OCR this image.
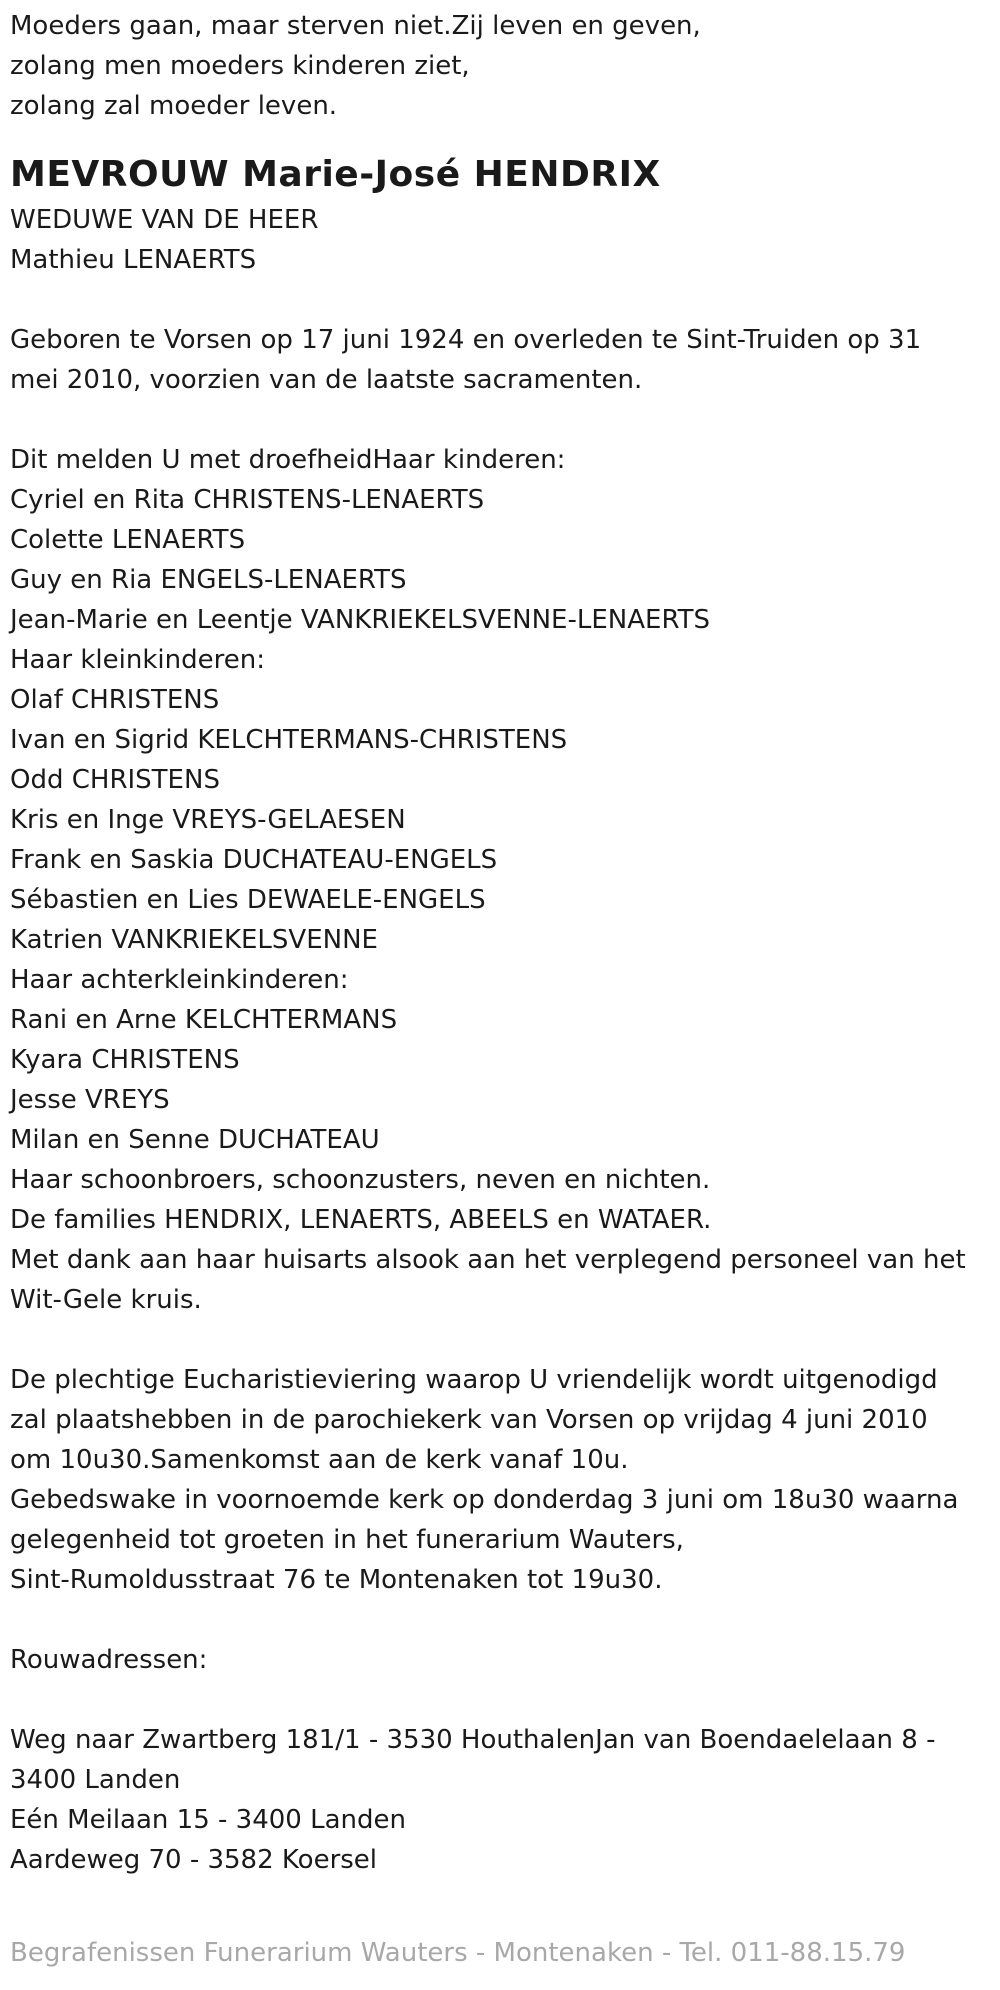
Moeders gaan, maar sterven niet.Zij leven en geven,
zolang men moeders kinderen ziet,
zolang zal moeder leven.
MEVROUW Marie-José HENDRIX
WEDUWE VAN DE HEER
Mathieu LENAERTS
Geboren te Vorsen op 17 juni 1924 en overleden te Sint-Truiden op 31
mei 2010, voorzien van de laatste sacramenten.
Dit melden U met droefheidHaar kinderen:
Cyriel en Rita CHRISTENS-LENAERTS
Colette LENAERTS
Guy en Ria ENGELS-LENAERTS
Jean-Marie en Leentje VANKRIEKELSVENNE-LENAERTS
Haar kleinkinderen:
Olaf CHRISTENS
Ivan en Sigrid KELCHTERMANS-CHRISTENS
Odd CHRISTENS
Kris en Inge VREYS-GELAESEN
Frank en Saskia DUCHATEAU-ENGELS
Sébastien en Lies DEWAELE-ENGELS
Katrien VANKRIEKELSVENNE
Haar achterkleinkinderen:
Rani en Arne KELCHTERMANS
Kyara CHRISTENS
Jesse VREYS
Milan en Senne DUCHATEAU
Haar schoonbroers, schoonzusters, neven en nichten.
De families HENDRIX, LENAERTS, ABEELS en WATAER.
Met dank aan haar huisarts alsook aan het verplegend personeel van het
Wit-Gele kruis.
De plechtige Eucharistieviering waarop U vriendelijk wordt uitgenodigd
zal plaatshebben in de parochiekerk van Vorsen op vrijdag 4 juni 2010
om 10u30.Samenkomst aan de kerk vanaf 10u.
Gebedswake in voornoemde kerk op donderdag 3 juni om 18u30 waarna
gelegenheid tot groeten in het funerarium Wauters,
Sint-Rumoldusstraat 76 te Montenaken tot 19u30.
Rouwadressen:
Weg naar Zwartberg 181/1 - 3530 HouthalenJan van Boendaelelaan 8 -
3400 Landen
Eén Meilaan 15 - 3400 Landen
Aardeweg 70 - 3582 Koersel
Begrafenissen Funerarium Wauters - Montenaken - Tel. 011-88.15.79
